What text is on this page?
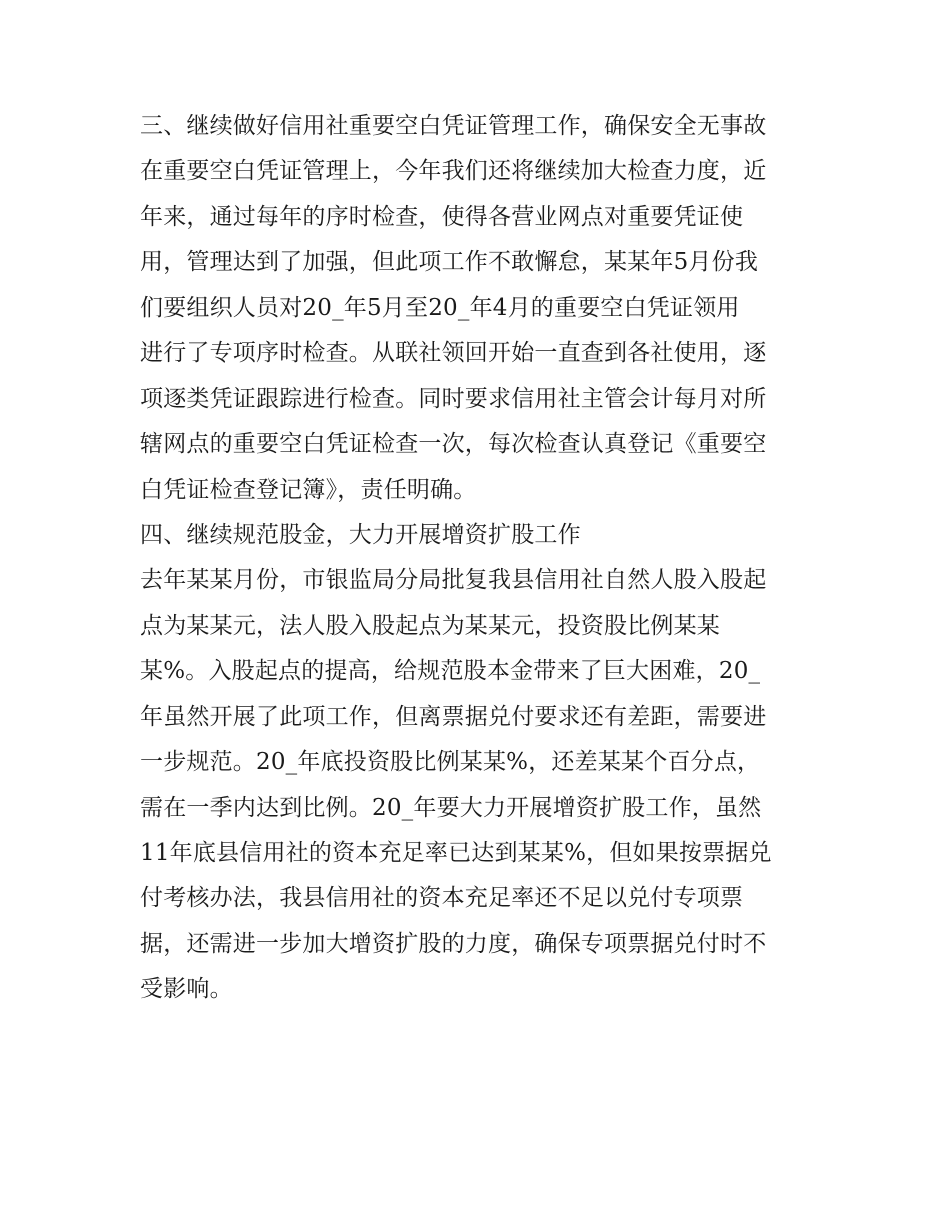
三、继续做好信用社重要空白凭证管理工作，确保安全无事故
在重要空白凭证管理上，今年我们还将继续加大检查力度，近
年来，通过每年的序时检查，使得各营业网点对重要凭证使
用，管理达到了加强，但此项工作不敢懈怠，某某年5月份我
们要组织人员对20_年5月至20_年4月的重要空白凭证领用
进行了专项序时检查。从联社领回开始一直查到各社使用，逐
项逐类凭证跟踪进行检查。同时要求信用社主管会计每月对所
辖网点的重要空白凭证检查一次，每次检查认真登记《重要空
白凭证检查登记簿》，责任明确。
四、继续规范股金，大力开展增资扩股工作
去年某某月份，市银监局分局批复我县信用社自然人股入股起
点为某某元，法人股入股起点为某某元，投资股比例某某
某%。入股起点的提高，给规范股本金带来了巨大困难，20_
年虽然开展了此项工作，但离票据兑付要求还有差距，需要进
一步规范。20_年底投资股比例某某%，还差某某个百分点，
需在一季内达到比例。20_年要大力开展增资扩股工作，虽然
11年底县信用社的资本充足率已达到某某%，但如果按票据兑
付考核办法，我县信用社的资本充足率还不足以兑付专项票
据，还需进一步加大增资扩股的力度，确保专项票据兑付时不
受影响。
